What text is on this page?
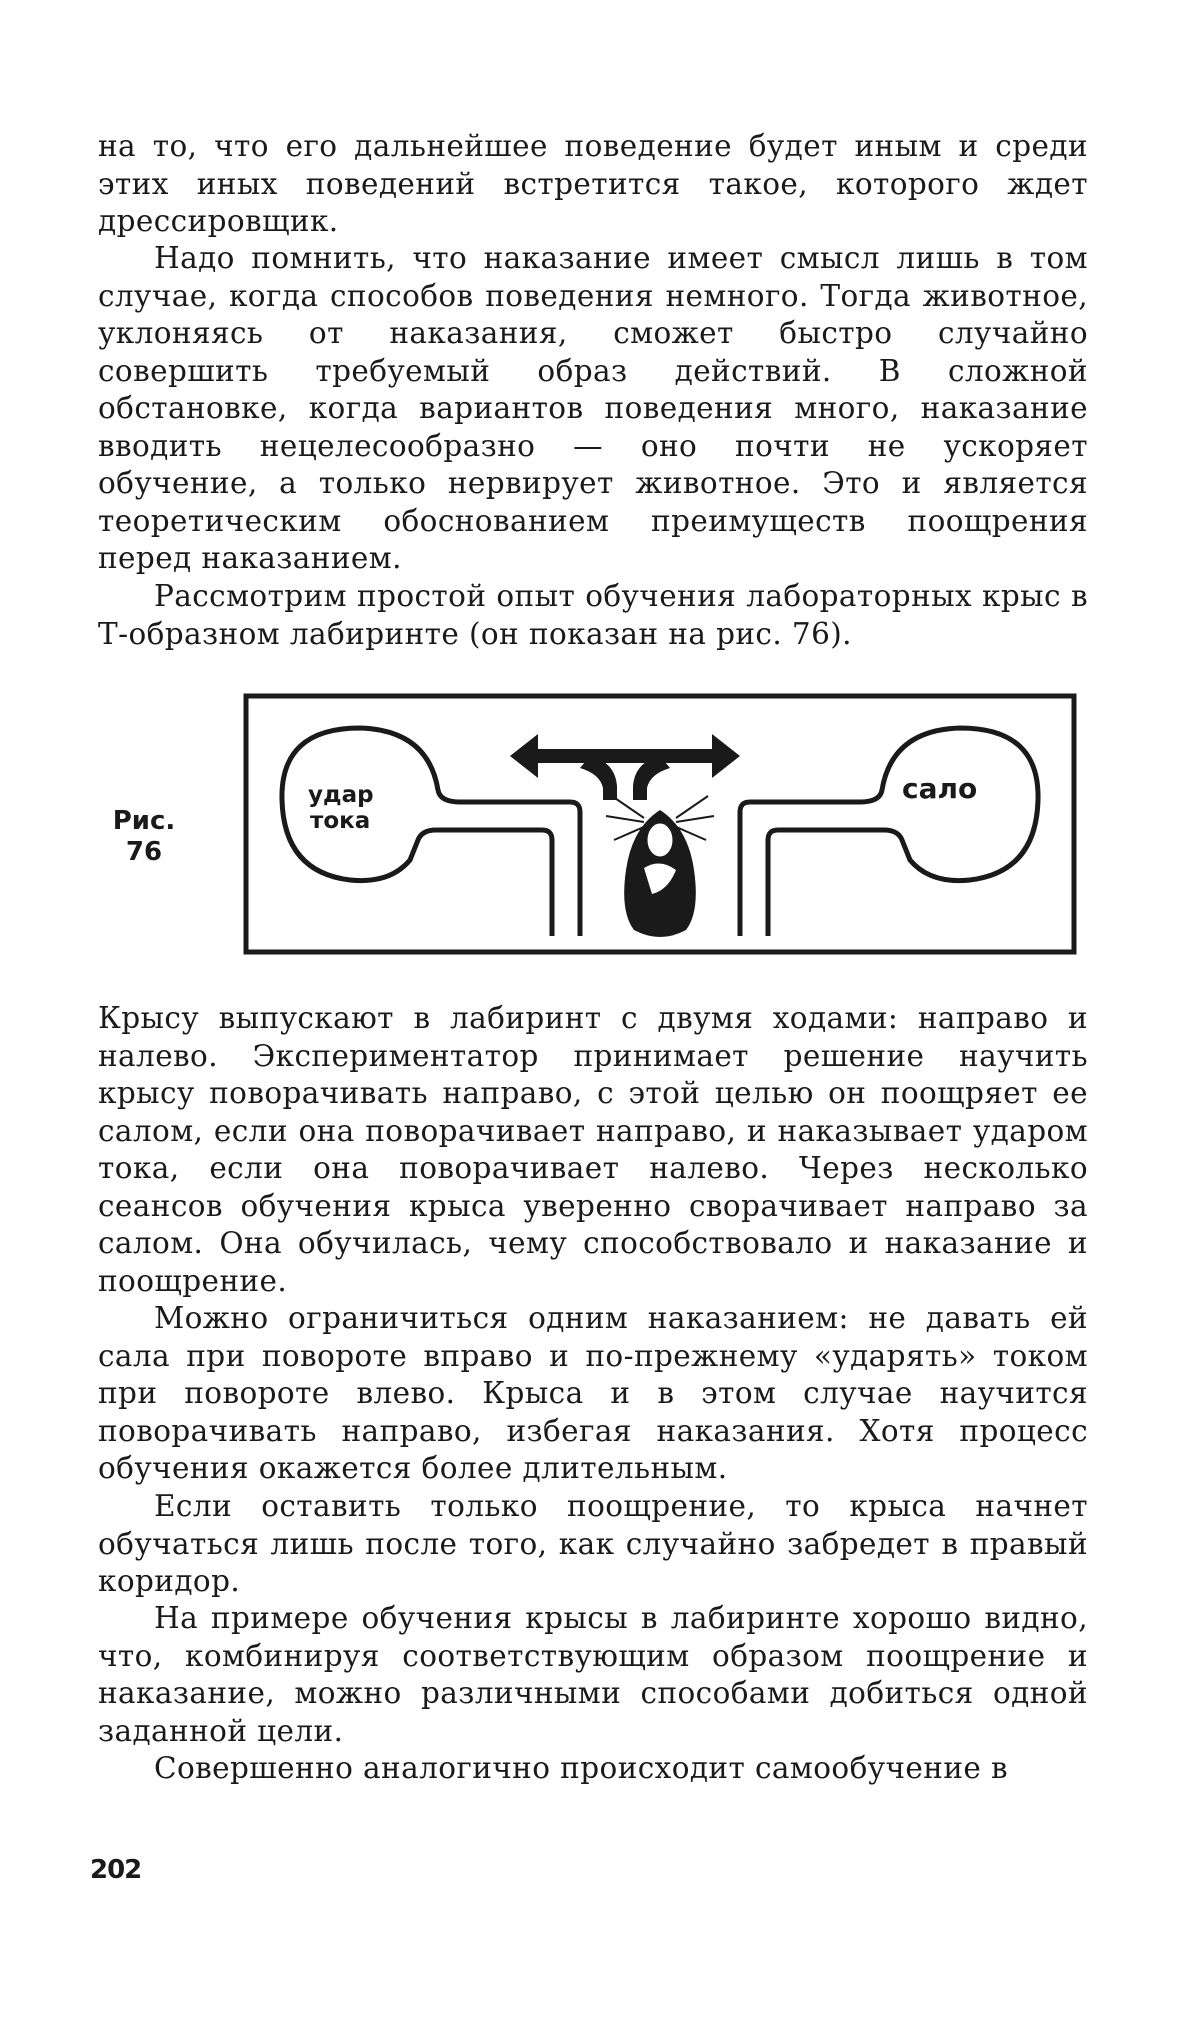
на то, что его дальнейшее поведение будет иным и среди этих иных поведений встретится такое, которого ждет дрессировщик.

Надо помнить, что наказание имеет смысл лишь в том случае, когда способов поведения немного. Тогда животное, уклоняясь от наказания, сможет быстро случайно совершить требуемый образ действий. В сложной обстановке, когда вариантов поведения много, наказание вводить нецелесообразно — оно почти не ускоряет обучение, а только нервирует животное. Это и является теоретическим обоснованием преимуществ поощрения перед наказанием.

Рассмотрим простой опыт обучения лабораторных крыс в Т-образном лабиринте (он показан на рис. 76).

Рис.
76
удар
тока
сало

Крысу выпускают в лабиринт с двумя ходами: направо и налево. Экспериментатор принимает решение научить крысу поворачивать направо, с этой целью он поощряет ее салом, если она поворачивает направо, и наказывает ударом тока, если она поворачивает налево. Через несколько сеансов обучения крыса уверенно сворачивает направо за салом. Она обучилась, чему способствовало и наказание и поощрение.

Можно ограничиться одним наказанием: не давать ей сала при повороте вправо и по-прежнему «ударять» током при повороте влево. Крыса и в этом случае научится поворачивать направо, избегая наказания. Хотя процесс обучения окажется более длительным.

Если оставить только поощрение, то крыса начнет обучаться лишь после того, как случайно забредет в правый коридор.

На примере обучения крысы в лабиринте хорошо видно, что, комбинируя соответствующим образом поощрение и наказание, можно различными способами добиться одной заданной цели.

Совершенно аналогично происходит самообучение в

202
